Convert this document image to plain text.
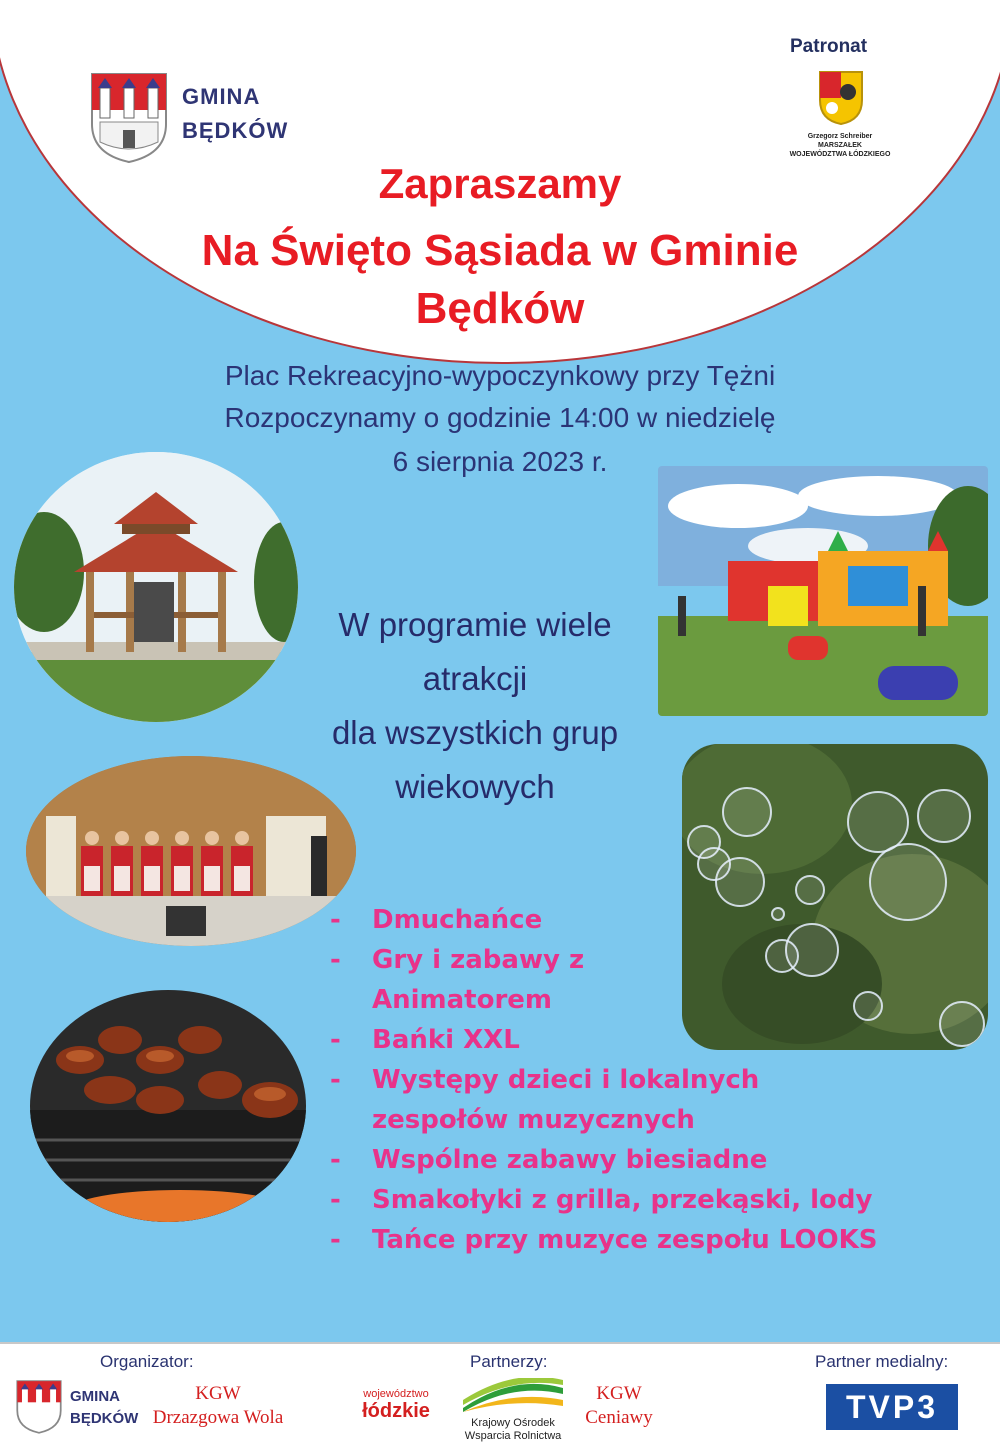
GMINA
BĘDKÓW
Patronat
Grzegorz Schreiber
MARSZAŁEK
WOJEWÓDZTWA ŁÓDZKIEGO
Zapraszamy
Na Święto Sąsiada w Gminie
Będków
Plac Rekreacyjno-wypoczynkowy przy Tężni
Rozpoczynamy o godzinie 14:00 w niedzielę
6 sierpnia 2023 r.
W programie wiele
atrakcji
dla wszystkich grup
wiekowych
- Dmuchańce
- Gry i zabawy z Animatorem
- Bańki XXL
- Występy dzieci i lokalnych zespołów muzycznych
- Wspólne zabawy biesiadne
- Smakołyki z grilla, przekąski, lody
- Tańce przy muzyce zespołu LOOKS
Organizator:	Partnerzy:	Partner medialny:
GMINA
BĘDKÓW
KGW
Drzazgowa Wola
województwo
łódzkie
Krajowy Ośrodek
Wsparcia Rolnictwa
KGW
Ceniawy	TVP3
